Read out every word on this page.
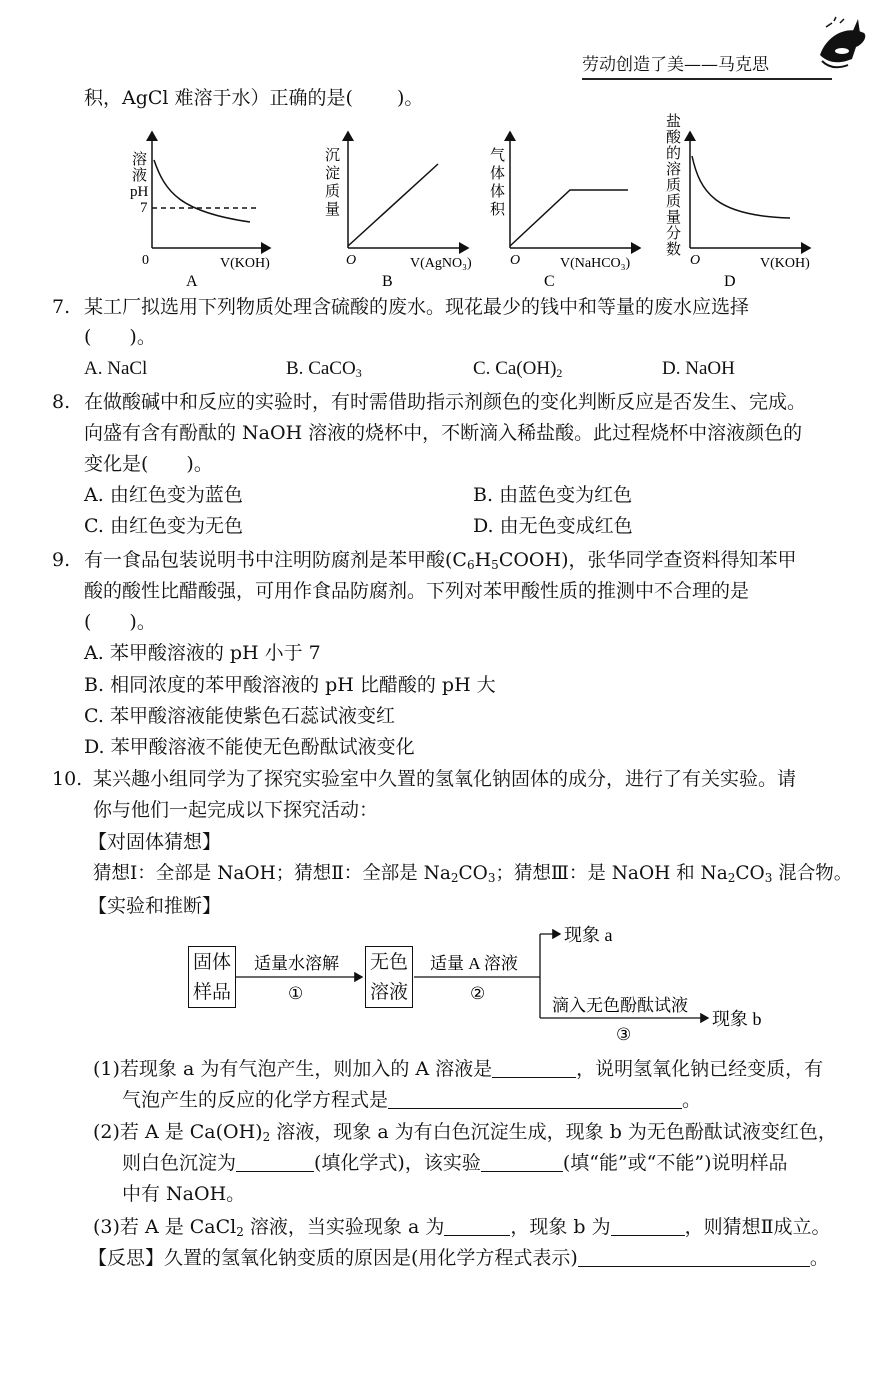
劳动创造了美——马克思
积，AgCl 难溶于水）正确的是( )。
溶
液
pH
7
0	V(KOH)
A
沉
淀
质
量
O	V(AgNO₃)
B
气
体
体
积
O	V(NaHCO₃)
C
盐
酸
的
溶
质
质
量
分
数
O	V(KOH)
D
7. 某工厂拟选用下列物质处理含硫酸的废水。现花最少的钱中和等量的废水应选择
(　　)。
A. NaCl	B. CaCO$_3$	C. $Ca(OH)_2$	D. NaOH
8. 在做酸碱中和反应的实验时，有时需借助指示剂颜色的变化判断反应是否发生、完成。
向盛有含有酚酞的 NaOH 溶液的烧杯中，不断滴入稀盐酸。此过程烧杯中溶液颜色的
变化是(　　)。
A. 由红色变为蓝色	B. 由蓝色变为红色
C. 由红色变为无色	D. 由无色变成红色
9. 有一食品包装说明书中注明防腐剂是苯甲酸$(C_6H_5COOH)$，张华同学查资料得知苯甲
酸的酸性比醋酸强，可用作食品防腐剂。下列对苯甲酸性质的推测中不合理的是
(　　)。
A. 苯甲酸溶液的 pH 小于 7
B. 相同浓度的苯甲酸溶液的 pH 比醋酸的 pH 大
C. 苯甲酸溶液能使紫色石蕊试液变红
D. 苯甲酸溶液不能使无色酚酞试液变化
10. 某兴趣小组同学为了探究实验室中久置的氢氧化钠固体的成分，进行了有关实验。请
你与他们一起完成以下探究活动：
【对固体猜想】
猜想Ⅰ：全部是 NaOH；猜想Ⅱ：全部是 $Na_2CO_3$；猜想Ⅲ：是 NaOH 和 $Na_2CO_3$ 混合物。
【实验和推断】
固体
样品
无色
溶液
适量水溶解
①
适量 A 溶液
②
现象 a
滴入无色酚酞试液
③
现象 b
(1)若现象 a 为有气泡产生，则加入的 A 溶液是	，说明氢氧化钠已经变质，有
气泡产生的反应的化学方程式是	。
(2)若 A 是 $Ca(OH)_2$ 溶液，现象 a 为有白色沉淀生成，现象 b 为无色酚酞试液变红色，
则白色沉淀为	(填化学式)，该实验	(填“能”或“不能”)说明样品
中有 NaOH。
(3)若 A 是 CaCl$_2$ 溶液，当实验现象 a 为	，现象 b 为	，则猜想Ⅱ成立。
【反思】久置的氢氧化钠变质的原因是(用化学方程式表示)	。
